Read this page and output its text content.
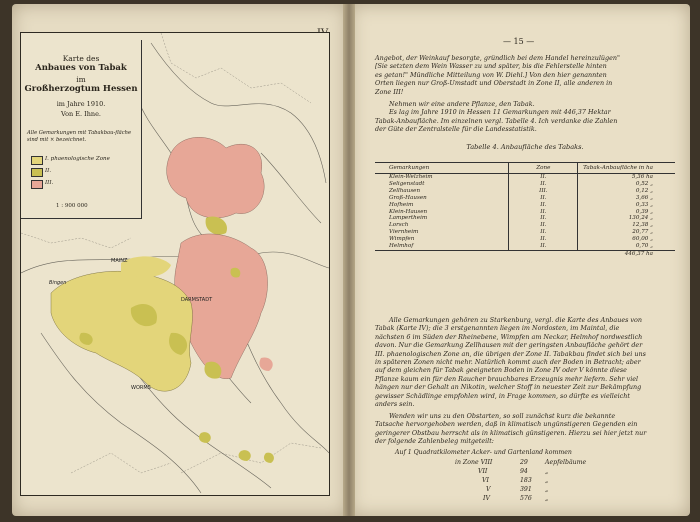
MAINZ
DARMSTADT
Bingen
WORMS
Karte des
Anbaues von Tabak
im
Großherzogtum Hessen
im Jahre 1910.
Von E. Ihne.
Alle Gemarkungen mit Tabakbau-fläche sind mit × bezeichnet.
I. phaenologische Zone
II.
III.
1 : 900 000
— 15 —
Angebot, der Weinkauf besorgte, gründlich bei dem Handel hereinzulügen"
[Sie setzten dem Wein Wasser zu und später, bis die Fehlerstelle hinten
es getan!" Mündliche Mitteilung von W. Diehl.] Von den hier genannten
Orten liegen nur Groß-Umstadt und Oberstadt in Zone II, alle anderen in
Zone III!
Nehmen wir eine andere Pflanze, den Tabak.
Es lag im Jahre 1910 in Hessen 11 Gemarkungen mit 446,37 Hektar
Tabak-Anbaufläche. Im einzelnen vergl. Tabelle 4. Ich verdanke die Zahlen
der Güte der Zentralstelle für die Landesstatistik.
Tabelle 4. Anbaufläche des Tabaks.
Gemarkungen	Zone	Tabak-Anbaufläche in ha
Klein-Welzheim	II.	5,36 ha
Seligenstadt	II.	0,52 „
Zellhausen	III.	0,12 „
Groß-Hausen	II.	3,66 „
Hofheim	II.	0,33 „
Klein-Hausen	II.	0,39 „
Lampertheim	II.	130,24 „
Lorsch	II.	12,38 „
Viernheim	II.	20,77 „
Wimpfen	II.	60,00 „
Helmhof	II.	0,70 „
		446,37 ha
Alle Gemarkungen gehören zu Starkenburg, vergl. die Karte des Anbaues von
Tabak (Karte IV); die 3 erstgenannten liegen im Nordosten, im Maintal, die
nächsten 6 im Süden der Rheinebene, Wimpfen am Neckar, Helmhof nordwestlich
davon. Nur die Gemarkung Zellhausen mit der geringsten Anbaufläche gehört der
III. phaenologischen Zone an, die übrigen der Zone II. Tabakbau findet sich bei uns
in späteren Zonen nicht mehr. Natürlich kommt auch der Boden in Betracht; aber
auf dem gleichen für Tabak geeigneten Boden in Zone IV oder V könnte diese
Pflanze kaum ein für den Raucher brauchbares Erzeugnis mehr liefern. Sehr viel
hängen nur der Gehalt an Nikotin, welcher Stoff in neuester Zeit zur Bekämpfung
gewisser Schädlinge empfohlen wird, in Frage kommen, so dürfte es vielleicht
anders sein.
Wenden wir uns zu den Obstarten, so soll zunächst kurz die bekannte
Tatsache hervorgehoben werden, daß in klimatisch ungünstigeren Gegenden ein
geringerer Obstbau herrscht als in klimatisch günstigeren. Hierzu sei hier jetzt nur
der folgende Zahlenbeleg mitgeteilt:
Auf 1 Quadratkilometer Acker- und Gartenland kommen
in Zone VIII	29	Aepfelbäume
VII	94	„
VI	183 „
V	391 „
IV	576 „
